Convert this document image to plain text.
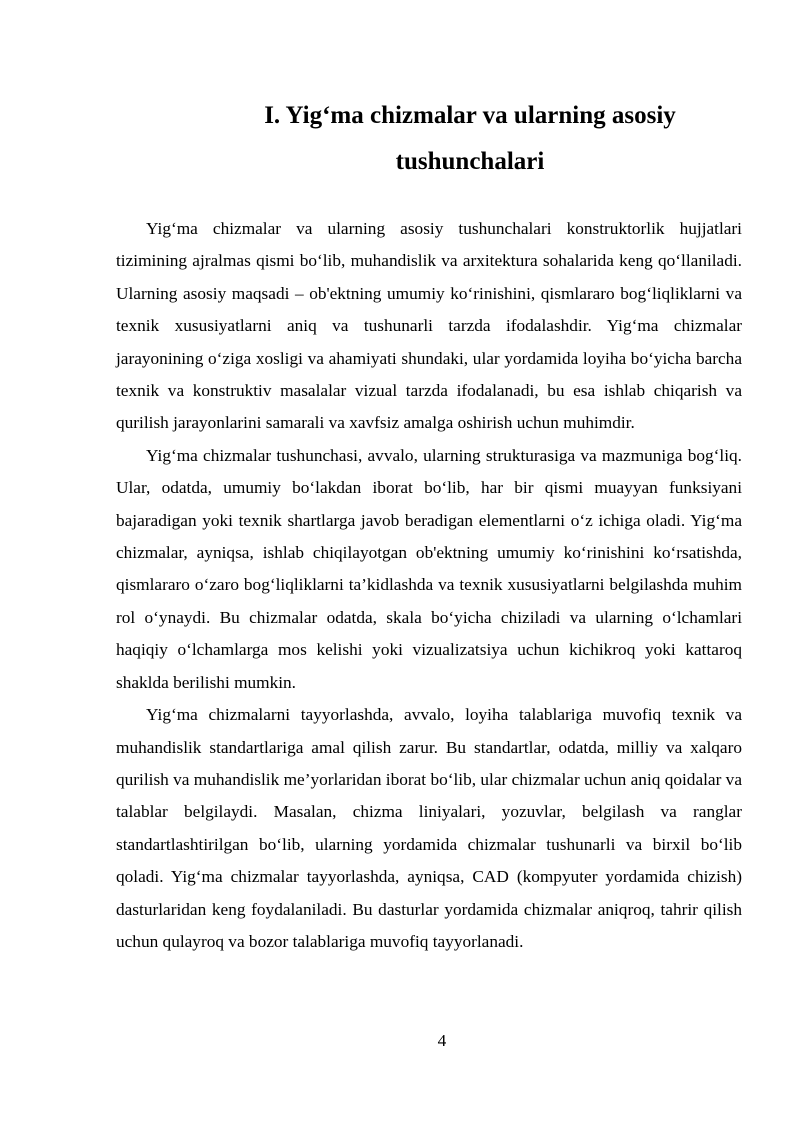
I. Yig‘ma chizmalar va ularning asosiy
tushunchalari

Yig‘ma chizmalar va ularning asosiy tushunchalari konstruktorlik hujjatlari tizimining ajralmas qismi bo‘lib, muhandislik va arxitektura sohalarida keng qo‘llaniladi. Ularning asosiy maqsadi – ob'ektning umumiy ko‘rinishini, qismlararo bog‘liqliklarni va texnik xususiyatlarni aniq va tushunarli tarzda ifodalashdir. Yig‘ma chizmalar jarayonining o‘ziga xosligi va ahamiyati shundaki, ular yordamida loyiha bo‘yicha barcha texnik va konstruktiv masalalar vizual tarzda ifodalanadi, bu esa ishlab chiqarish va qurilish jarayonlarini samarali va xavfsiz amalga oshirish uchun muhimdir.

Yig‘ma chizmalar tushunchasi, avvalo, ularning strukturasiga va mazmuniga bog‘liq. Ular, odatda, umumiy bo‘lakdan iborat bo‘lib, har bir qismi muayyan funksiyani bajaradigan yoki texnik shartlarga javob beradigan elementlarni o‘z ichiga oladi. Yig‘ma chizmalar, ayniqsa, ishlab chiqilayotgan ob'ektning umumiy ko‘rinishini ko‘rsatishda, qismlararo o‘zaro bog‘liqliklarni ta’kidlashda va texnik xususiyatlarni belgilashda muhim rol o‘ynaydi. Bu chizmalar odatda, skala bo‘yicha chiziladi va ularning o‘lchamlari haqiqiy o‘lchamlarga mos kelishi yoki vizualizatsiya uchun kichikroq yoki kattaroq shaklda berilishi mumkin.

Yig‘ma chizmalarni tayyorlashda, avvalo, loyiha talablariga muvofiq texnik va muhandislik standartlariga amal qilish zarur. Bu standartlar, odatda, milliy va xalqaro qurilish va muhandislik me’yorlaridan iborat bo‘lib, ular chizmalar uchun aniq qoidalar va talablar belgilaydi. Masalan, chizma liniyalari, yozuvlar, belgilash va ranglar standartlashtirilgan bo‘lib, ularning yordamida chizmalar tushunarli va birxil bo‘lib qoladi. Yig‘ma chizmalar tayyorlashda, ayniqsa, CAD (kompyuter yordamida chizish) dasturlaridan keng foydalaniladi. Bu dasturlar yordamida chizmalar aniqroq, tahrir qilish uchun qulayroq va bozor talablariga muvofiq tayyorlanadi.

4
